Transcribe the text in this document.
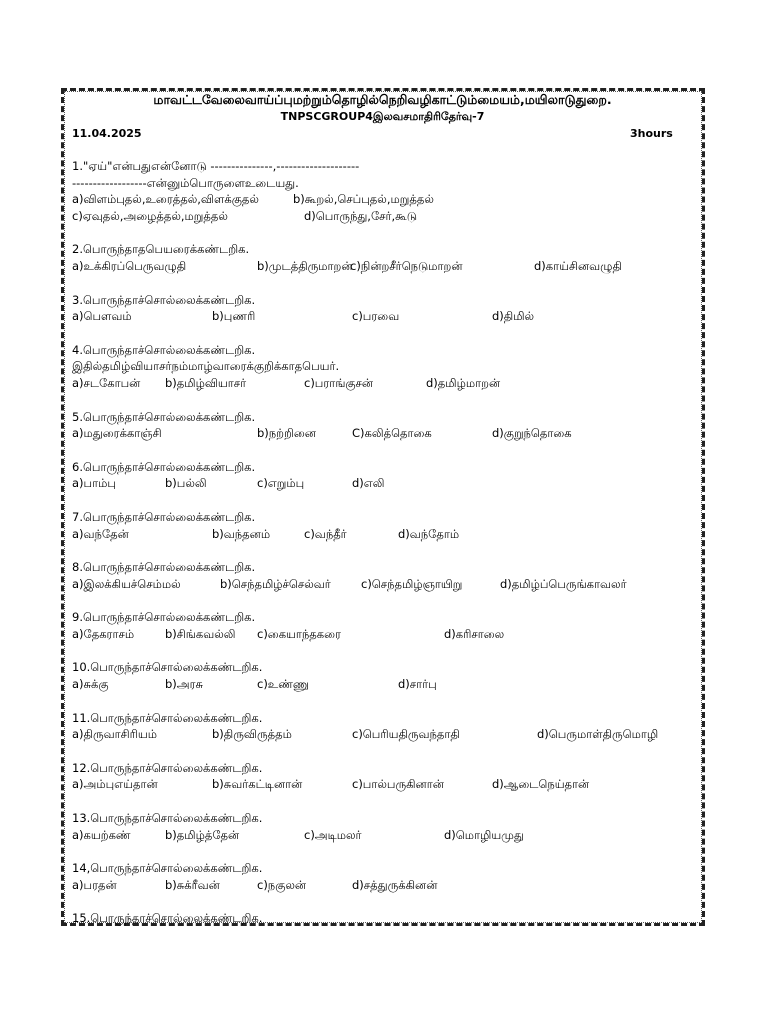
மாவட்டவேலைவாய்ப்புமற்றும்தொழில்நெறிவழிகாட்டும்மையம்,மயிலாடுதுறை.
TNPSCGROUP4இலவசமாதிரிதேர்வு-7
11.04.2025	3hours
1."ஏய்"என்பதுஎன்னோடு ---------------,--------------------
------------------என்னும்பொருளைஉடையது.
a)விளம்புதல்,உரைத்தல்,விளக்குதல்	b)கூறல்,செப்புதல்,மறுத்தல்
c)ஏவுதல்,அழைத்தல்,மறுத்தல்	d)பொருந்து,சேர்,கூடு
2.பொருந்தாதபெயரைக்கண்டறிக.
a)உக்கிரப்பெருவழுதி	b)முடத்திருமாறன்
c)நின்றசீர்நெடுமாறன்	d)காய்சினவழுதி
3.பொருந்தாச்சொல்லைக்கண்டறிக.
a)பௌவம்	b)புணரி	c)பரவை	d)திமில்
4.பொருந்தாச்சொல்லைக்கண்டறிக.
இதில்தமிழ்வியாசர்நம்மாழ்வாரைக்குறிக்காதபெயர்.
a)சடகோபன் b)தமிழ்வியாசர்	c)பராங்குசன்	d)தமிழ்மாறன்
5.பொருந்தாச்சொல்லைக்கண்டறிக.
a)மதுரைக்காஞ்சி	b)நற்றினை	C)கலித்தொகை	d)குறுந்தொகை
6.பொருந்தாச்சொல்லைக்கண்டறிக.
a)பாம்பு	b)பல்லி	c)எறும்பு	d)எலி
7.பொருந்தாச்சொல்லைக்கண்டறிக.
a)வந்தேன்	b)வந்தனம்	c)வந்தீர்	d)வந்தோம்
8.பொருந்தாச்சொல்லைக்கண்டறிக.
a)இலக்கியச்செம்மல்	b)செந்தமிழ்ச்செல்வர்	c)செந்தமிழ்ஞாயிறு	d)தமிழ்ப்பெருங்காவலர்
9.பொருந்தாச்சொல்லைக்கண்டறிக.
a)தேகராசம்	b)சிங்கவல்லி c)கையாந்தகரை	d)கரிசாலை
10.பொருந்தாச்சொல்லைக்கண்டறிக.
a)சுக்கு	b)அரசு	c)உண்ணு	d)சார்பு
11.பொருந்தாச்சொல்லைக்கண்டறிக.
a)திருவாசிரியம்	b)திருவிருத்தம்	c)பெரியதிருவந்தாதி	d)பெருமாள்திருமொழி
12.பொருந்தாச்சொல்லைக்கண்டறிக.
a)அம்புஎய்தான்	b)சுவர்கட்டினான்	c)பால்பருகினான்	d)ஆடைநெய்தான்
13.பொருந்தாச்சொல்லைக்கண்டறிக.
a)கயற்கண்	b)தமிழ்த்தேன்	c)அடிமலர்	d)மொழியமுது
14,பொருந்தாச்சொல்லைக்கண்டறிக.
a)பரதன்	b)சுக்ரீவன்	c)நகுலன்	d)சத்துருக்கினன்
15.பொருந்தாச்சொல்லைக்கண்டறிக.
